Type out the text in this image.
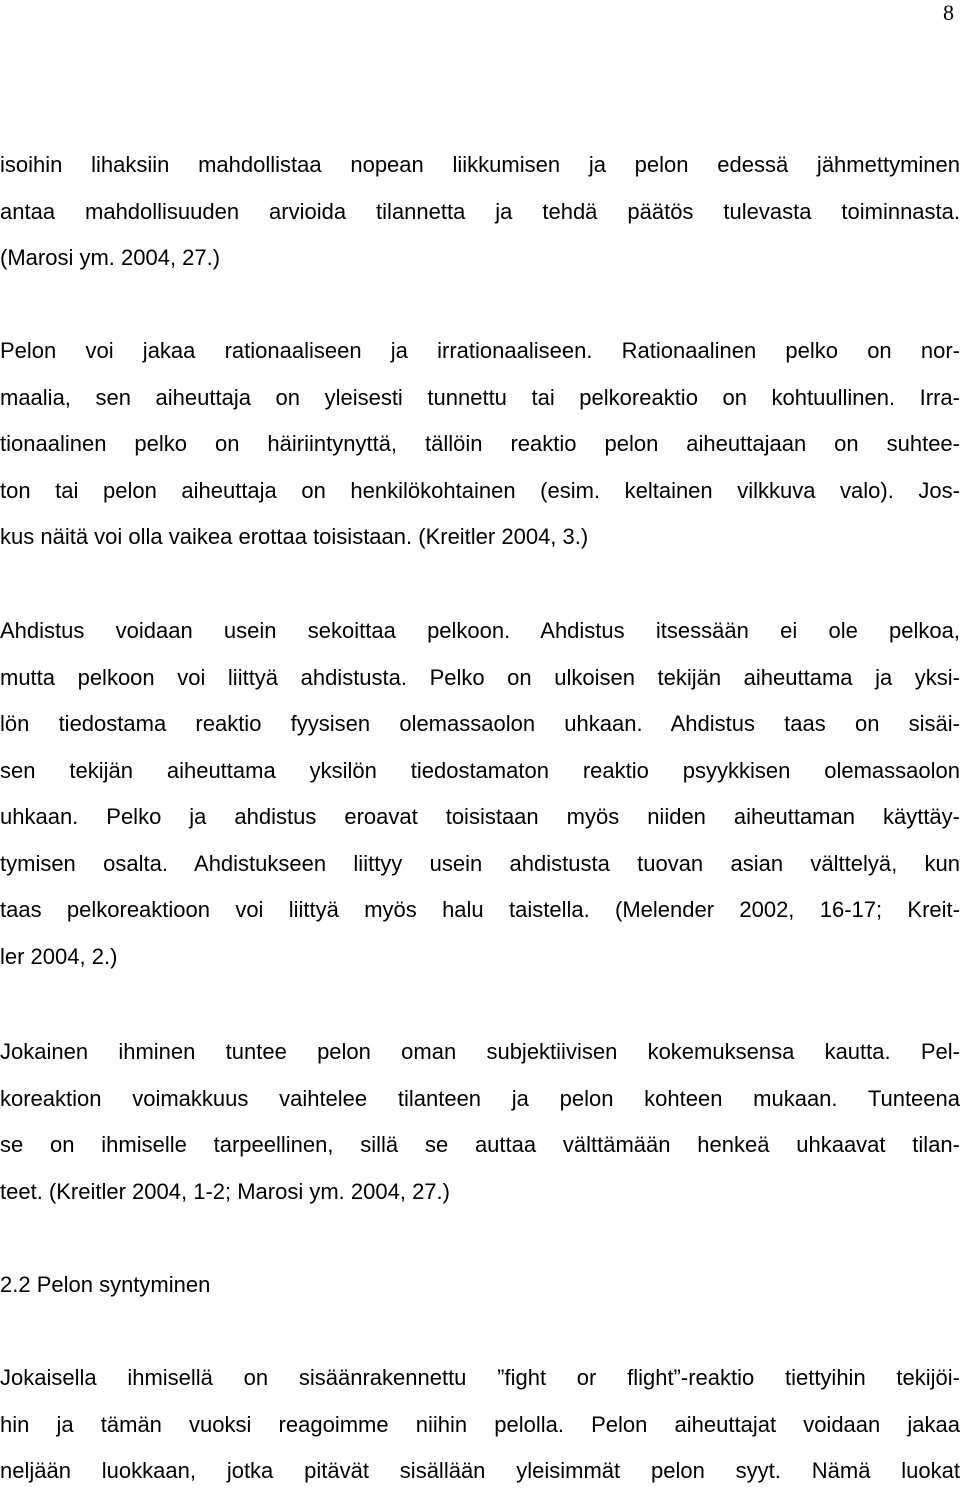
8
isoihin lihaksiin mahdollistaa nopean liikkumisen ja pelon edessä jähmettyminen
antaa mahdollisuuden arvioida tilannetta ja tehdä päätös tulevasta toiminnasta.
(Marosi ym. 2004, 27.)
Pelon voi jakaa rationaaliseen ja irrationaaliseen. Rationaalinen pelko on nor-
maalia, sen aiheuttaja on yleisesti tunnettu tai pelkoreaktio on kohtuullinen. Irra-
tionaalinen pelko on häiriintynyttä, tällöin reaktio pelon aiheuttajaan on suhtee-
ton tai pelon aiheuttaja on henkilökohtainen (esim. keltainen vilkkuva valo). Jos-
kus näitä voi olla vaikea erottaa toisistaan. (Kreitler 2004, 3.)
Ahdistus voidaan usein sekoittaa pelkoon. Ahdistus itsessään ei ole pelkoa,
mutta pelkoon voi liittyä ahdistusta. Pelko on ulkoisen tekijän aiheuttama ja yksi-
lön tiedostama reaktio fyysisen olemassaolon uhkaan. Ahdistus taas on sisäi-
sen tekijän aiheuttama yksilön tiedostamaton reaktio psyykkisen olemassaolon
uhkaan. Pelko ja ahdistus eroavat toisistaan myös niiden aiheuttaman käyttäy-
tymisen osalta. Ahdistukseen liittyy usein ahdistusta tuovan asian välttelyä, kun
taas pelkoreaktioon voi liittyä myös halu taistella. (Melender 2002, 16-17; Kreit-
ler 2004, 2.)
Jokainen ihminen tuntee pelon oman subjektiivisen kokemuksensa kautta. Pel-
koreaktion voimakkuus vaihtelee tilanteen ja pelon kohteen mukaan. Tunteena
se on ihmiselle tarpeellinen, sillä se auttaa välttämään henkeä uhkaavat tilan-
teet. (Kreitler 2004, 1-2; Marosi ym. 2004, 27.)
2.2 Pelon syntyminen
Jokaisella ihmisellä on sisäänrakennettu ”fight or flight”-reaktio tiettyihin tekijöi-
hin ja tämän vuoksi reagoimme niihin pelolla. Pelon aiheuttajat voidaan jakaa
neljään luokkaan, jotka pitävät sisällään yleisimmät pelon syyt. Nämä luokat
